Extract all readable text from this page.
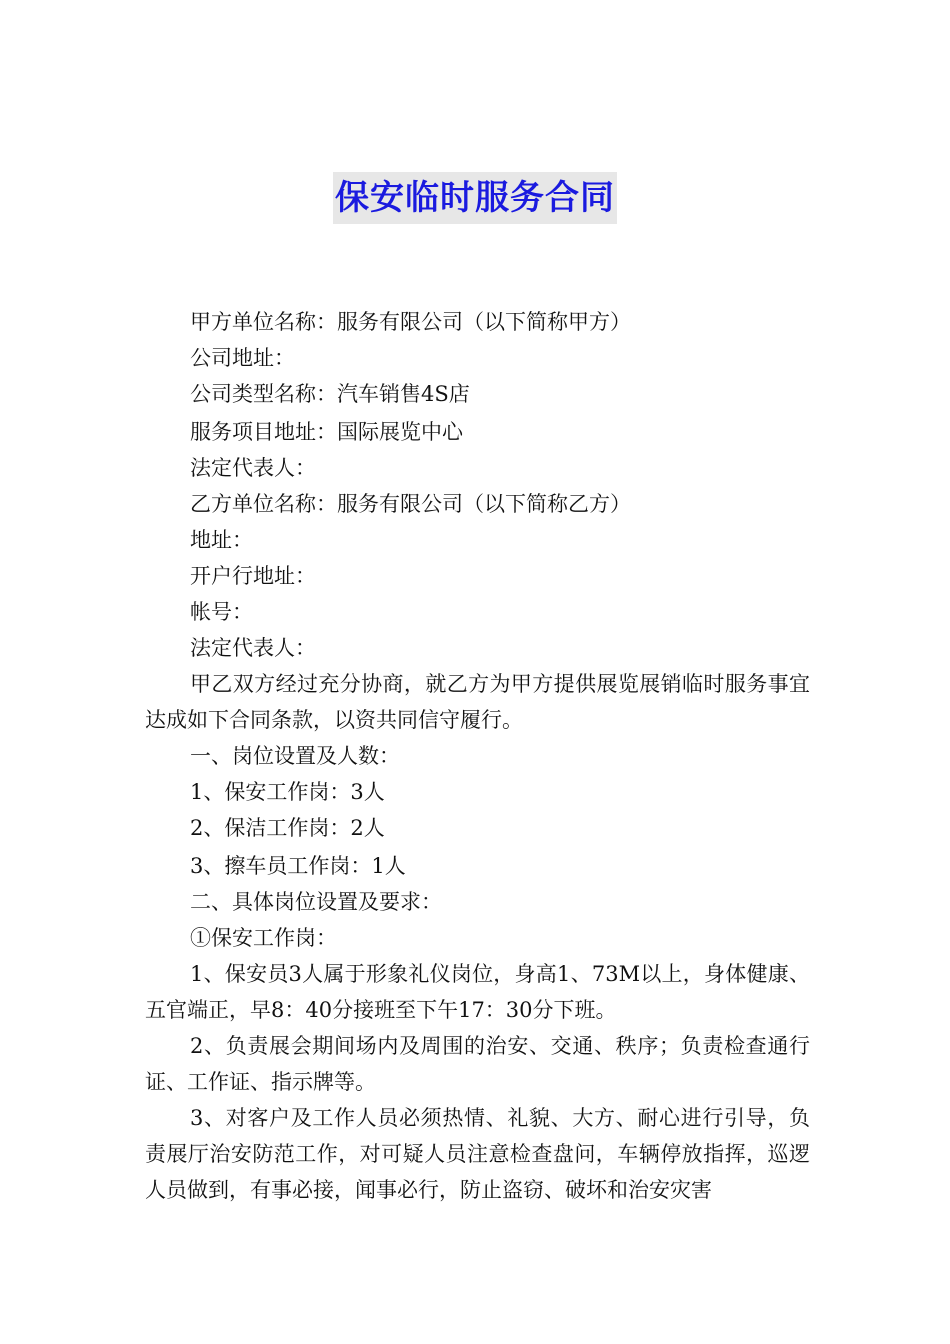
保安临时服务合同

甲方单位名称：服务有限公司（以下简称甲方）

公司地址：

公司类型名称：汽车销售4S店

服务项目地址：国际展览中心

法定代表人：

乙方单位名称：服务有限公司（以下简称乙方）

地址：

开户行地址：

帐号：

法定代表人：

甲乙双方经过充分协商，就乙方为甲方提供展览展销临时服务事宜达成如下合同条款，以资共同信守履行。

一、岗位设置及人数：

1、保安工作岗：3人

2、保洁工作岗：2人

3、擦车员工作岗：1人

二、具体岗位设置及要求：

①保安工作岗：

1、保安员3人属于形象礼仪岗位，身高1、73M以上，身体健康、五官端正，早8：40分接班至下午17：30分下班。

2、负责展会期间场内及周围的治安、交通、秩序；负责检查通行证、工作证、指示牌等。

3、对客户及工作人员必须热情、礼貌、大方、耐心进行引导，负责展厅治安防范工作，对可疑人员注意检查盘问，车辆停放指挥，巡逻人员做到，有事必接，闻事必行，防止盗窃、破坏和治安灾害
